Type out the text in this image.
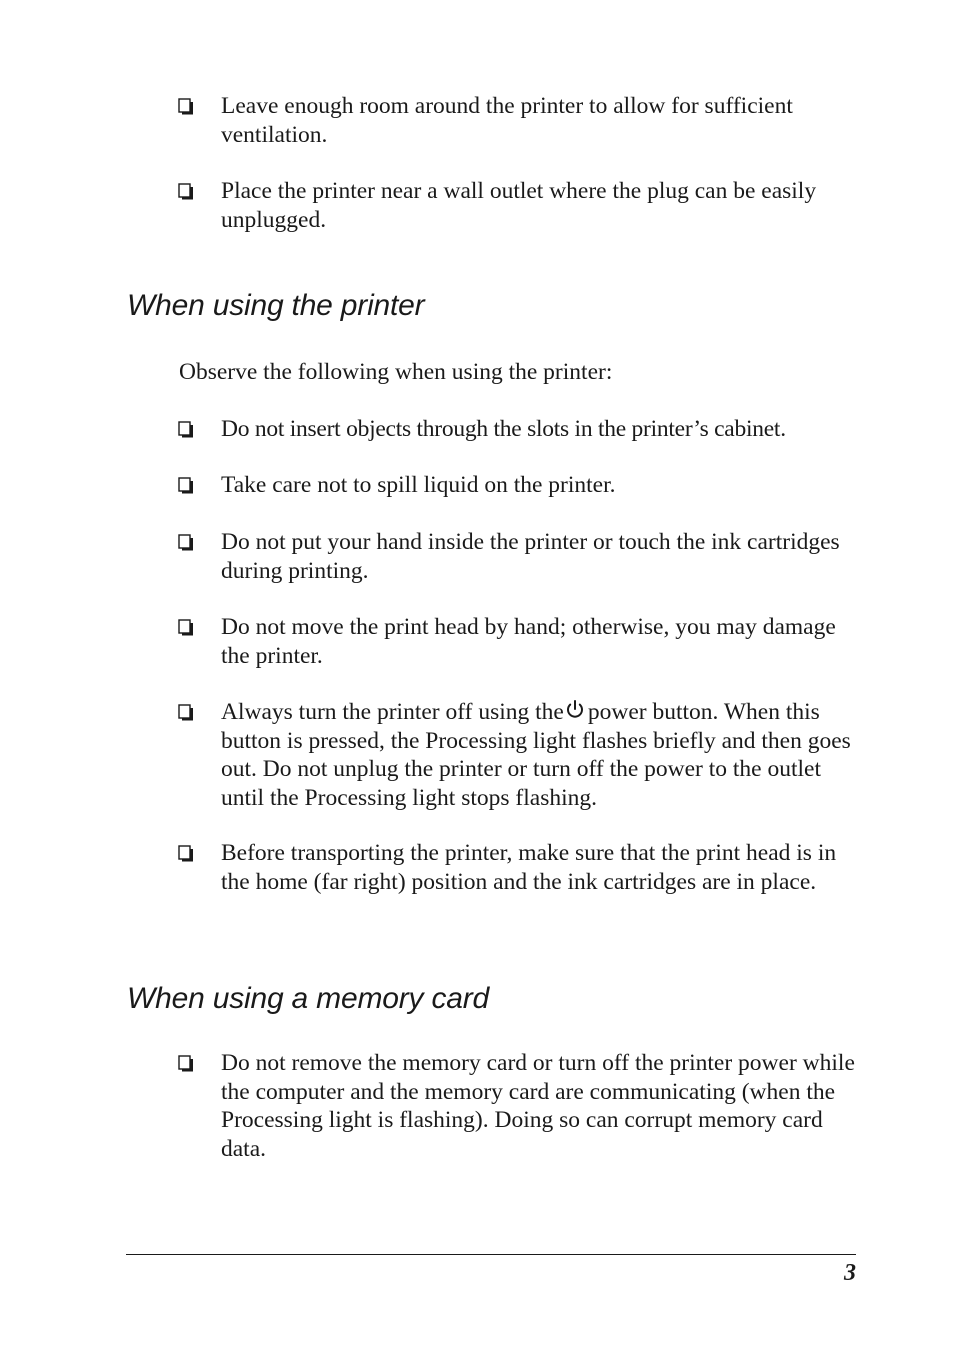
Leave enough room around the printer to allow for sufficient ventilation.
Place the printer near a wall outlet where the plug can be easily unplugged.
When using the printer
Observe the following when using the printer:
Do not insert objects through the slots in the printer’s cabinet.
Take care not to spill liquid on the printer.
Do not put your hand inside the printer or touch the ink cartridges during printing.
Do not move the print head by hand; otherwise, you may damage the printer.
Always turn the printer off using the power button. When this button is pressed, the Processing light flashes briefly and then goes out. Do not unplug the printer or turn off the power to the outlet until the Processing light stops flashing.
Before transporting the printer, make sure that the print head is in the home (far right) position and the ink cartridges are in place.
When using a memory card
Do not remove the memory card or turn off the printer power while the computer and the memory card are communicating (when the Processing light is flashing). Doing so can corrupt memory card data.
3
